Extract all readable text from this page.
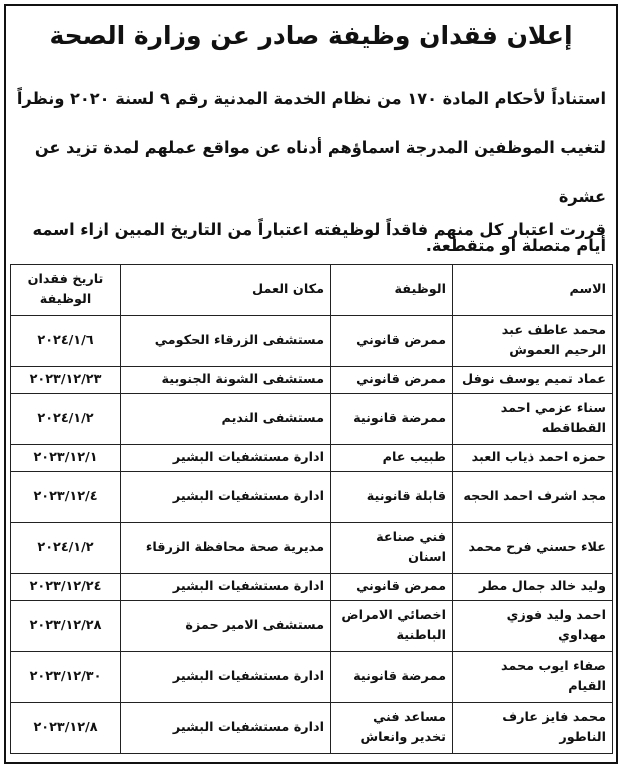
إعلان فقدان وظيفة صادر عن وزارة الصحة

استناداً لأحكام المادة ١٧٠ من نظام الخدمة المدنية رقم ٩ لسنة ٢٠٢٠ ونظراً

لتغيب الموظفين المدرجة اسماؤهم أدناه عن مواقع عملهم لمدة تزيد عن عشرة

أيام متصلة او متقطعة.

قررت اعتبار كل منهم فاقداً لوظيفته اعتباراً من التاريخ المبين ازاء اسمه
الاسم	الوظيفة	مكان العمل	تاريخ فقدان الوظيفة
محمد عاطف عبد الرحيم العموش	ممرض قانوني	مستشفى الزرقاء الحكومي	٢٠٢٤/١/٦
عماد تميم يوسف نوفل	ممرض قانوني	مستشفى الشونة الجنوبية	٢٠٢٣/١٢/٢٣
سناء عزمي احمد القطاقطه	ممرضة قانونية	مستشفى النديم	٢٠٢٤/١/٢
حمزه احمد ذياب العبد	طبيب عام	ادارة مستشفيات البشير	٢٠٢٣/١٢/١
مجد اشرف احمد الحجه	قابلة قانونية	ادارة مستشفيات البشير	٢٠٢٣/١٢/٤
علاء حسني فرح محمد	فني صناعة اسنان	مديرية صحة محافظة الزرقاء	٢٠٢٤/١/٢
وليد خالد جمال مطر	ممرض قانوني	ادارة مستشفيات البشير	٢٠٢٣/١٢/٢٤
احمد وليد فوزي مهداوي	اخصائي الامراض الباطنية	مستشفى الامير حمزة	٢٠٢٣/١٢/٢٨
صفاء ايوب محمد القيام	ممرضة قانونية	ادارة مستشفيات البشير	٢٠٢٣/١٢/٣٠
محمد فايز عارف الناطور	مساعد فني تخدير وانعاش	ادارة مستشفيات البشير	٢٠٢٣/١٢/٨
